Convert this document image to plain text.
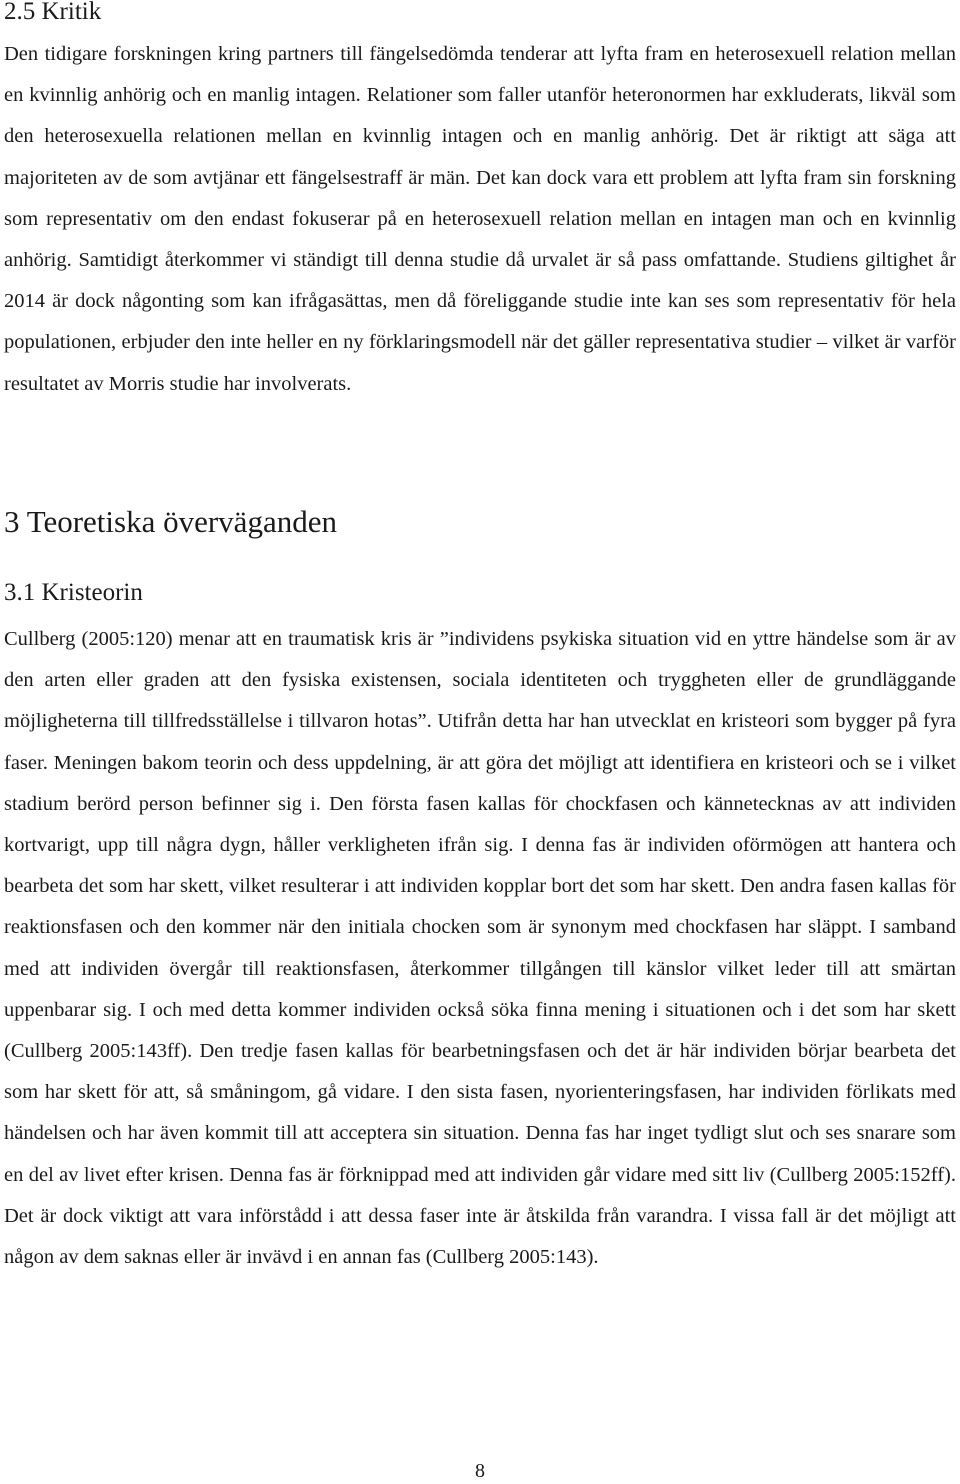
2.5 Kritik

Den tidigare forskningen kring partners till fängelsedömda tenderar att lyfta fram en heterosexuell relation mellan en kvinnlig anhörig och en manlig intagen. Relationer som faller utanför heteronormen har exkluderats, likväl som den heterosexuella relationen mellan en kvinnlig intagen och en manlig anhörig. Det är riktigt att säga att majoriteten av de som avtjänar ett fängelsestraff är män. Det kan dock vara ett problem att lyfta fram sin forskning som representativ om den endast fokuserar på en heterosexuell relation mellan en intagen man och en kvinnlig anhörig. Samtidigt återkommer vi ständigt till denna studie då urvalet är så pass omfattande. Studiens giltighet år 2014 är dock någonting som kan ifrågasättas, men då föreliggande studie inte kan ses som representativ för hela populationen, erbjuder den inte heller en ny förklaringsmodell när det gäller representativa studier – vilket är varför resultatet av Morris studie har involverats.

3 Teoretiska överväganden
3.1 Kristeorin

Cullberg (2005:120) menar att en traumatisk kris är ”individens psykiska situation vid en yttre händelse som är av den arten eller graden att den fysiska existensen, sociala identiteten och tryggheten eller de grundläggande möjligheterna till tillfredsställelse i tillvaron hotas”. Utifrån detta har han utvecklat en kristeori som bygger på fyra faser. Meningen bakom teorin och dess uppdelning, är att göra det möjligt att identifiera en kristeori och se i vilket stadium berörd person befinner sig i. Den första fasen kallas för chockfasen och kännetecknas av att individen kortvarigt, upp till några dygn, håller verkligheten ifrån sig. I denna fas är individen oförmögen att hantera och bearbeta det som har skett, vilket resulterar i att individen kopplar bort det som har skett. Den andra fasen kallas för reaktionsfasen och den kommer när den initiala chocken som är synonym med chockfasen har släppt. I samband med att individen övergår till reaktionsfasen, återkommer tillgången till känslor vilket leder till att smärtan uppenbarar sig. I och med detta kommer individen också söka finna mening i situationen och i det som har skett (Cullberg 2005:143ff). Den tredje fasen kallas för bearbetningsfasen och det är här individen börjar bearbeta det som har skett för att, så småningom, gå vidare. I den sista fasen, nyorienteringsfasen, har individen förlikats med händelsen och har även kommit till att acceptera sin situation. Denna fas har inget tydligt slut och ses snarare som en del av livet efter krisen. Denna fas är förknippad med att individen går vidare med sitt liv (Cullberg 2005:152ff). Det är dock viktigt att vara införstådd i att dessa faser inte är åtskilda från varandra. I vissa fall är det möjligt att någon av dem saknas eller är invävd i en annan fas (Cullberg 2005:143).

8
